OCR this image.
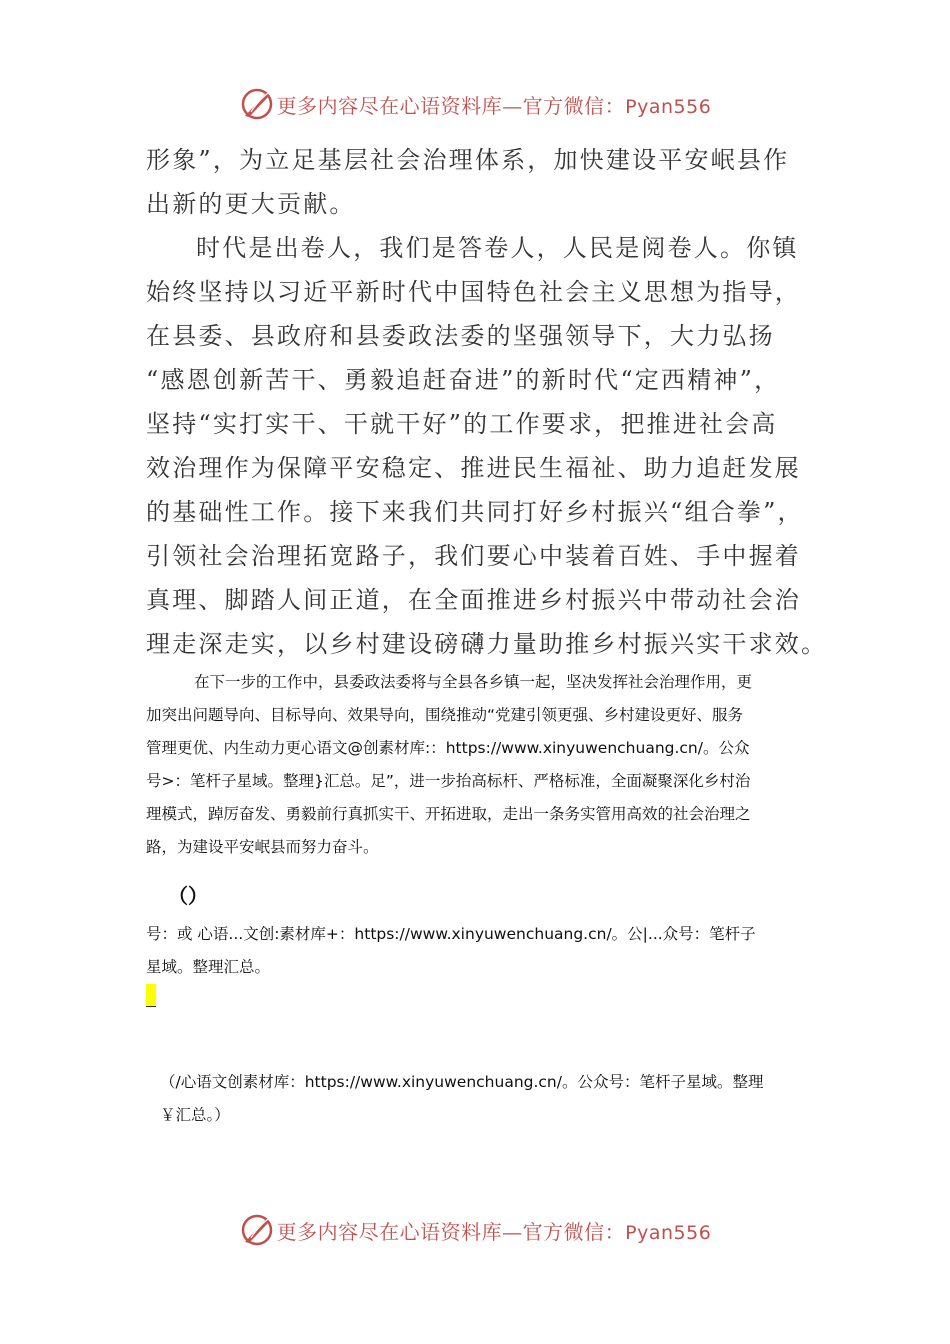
更多内容尽在心语资料库—官方微信：Pyan556
形象”，为立足基层社会治理体系，加快建设平安岷县作
出新的更大贡献。
时代是出卷人，我们是答卷人，人民是阅卷人。你镇
始终坚持以习近平新时代中国特色社会主义思想为指导，
在县委、县政府和县委政法委的坚强领导下，大力弘扬
“感恩创新苦干、勇毅追赶奋进”的新时代“定西精神”，
坚持“实打实干、干就干好”的工作要求，把推进社会高
效治理作为保障平安稳定、推进民生福祉、助力追赶发展
的基础性工作。接下来我们共同打好乡村振兴“组合拳”，
引领社会治理拓宽路子，我们要心中装着百姓、手中握着
真理、脚踏人间正道，在全面推进乡村振兴中带动社会治
理走深走实，以乡村建设磅礴力量助推乡村振兴实干求效。
在下一步的工作中，县委政法委将与全县各乡镇一起，坚决发挥社会治理作用，更
加突出问题导向、目标导向、效果导向，围绕推动“党建引领更强、乡村建设更好、服务
管理更优、内生动力更心语文@创素材库:：https://www.xinyuwenchuang.cn/。公众
号>：笔杆子星域。整理}汇总。足”，进一步抬高标杆、严格标准，全面凝聚深化乡村治
理模式，踔厉奋发、勇毅前行真抓实干、开拓进取，走出一条务实管用高效的社会治理之
路，为建设平安岷县而努力奋斗。
（）
号：或 心语...文创:素材库+：https://www.xinyuwenchuang.cn/。公|...众号：笔杆子
星域。整理汇总。
（/心语文创素材库：https://www.xinyuwenchuang.cn/。公众号：笔杆子星域。整理
￥汇总。）
更多内容尽在心语资料库—官方微信：Pyan556
